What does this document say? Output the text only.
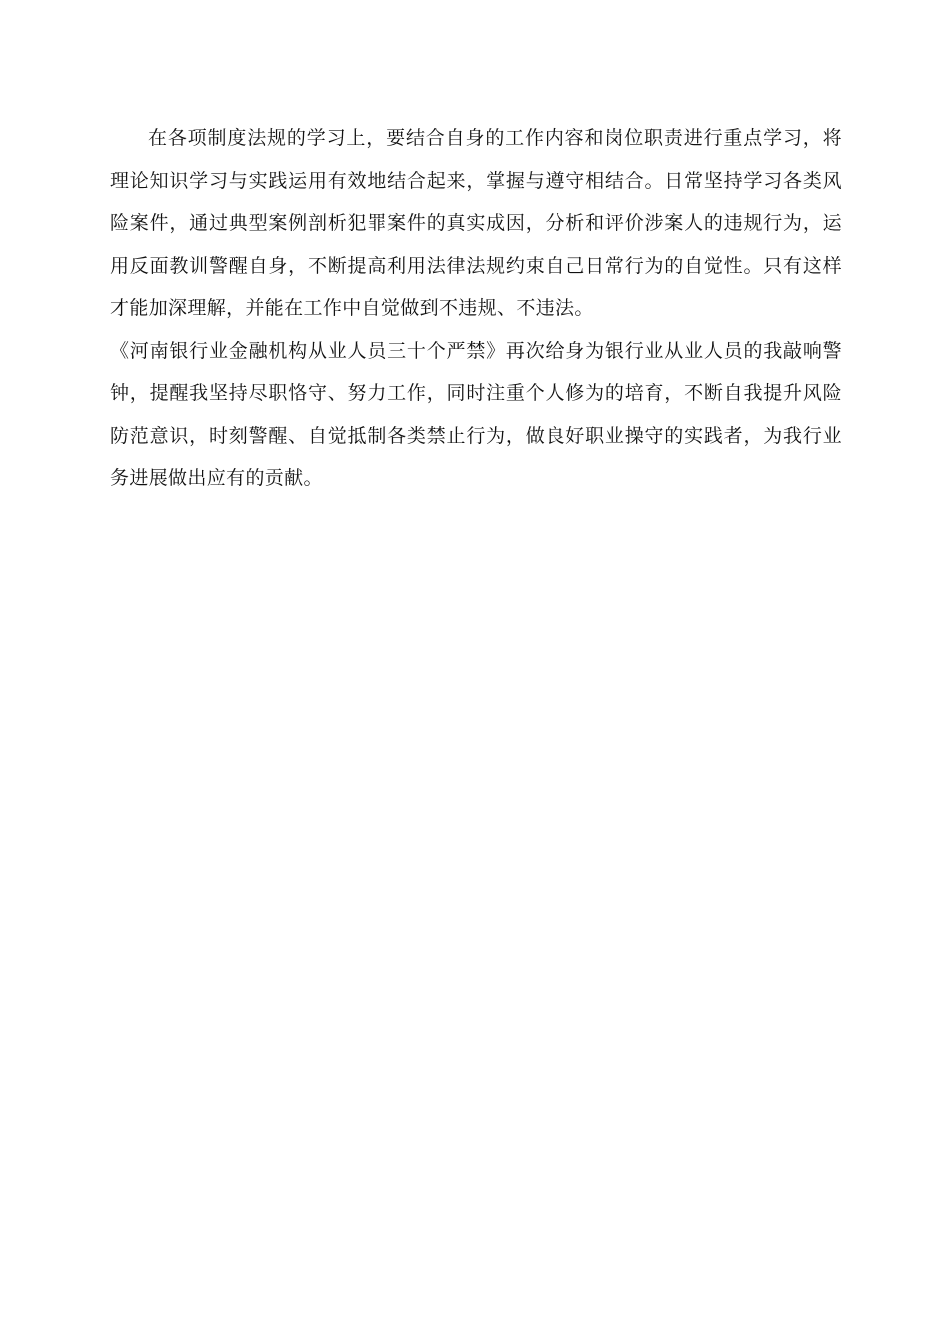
在各项制度法规的学习上，要结合自身的工作内容和岗位职责进行重点学习，将理论知识学习与实践运用有效地结合起来，掌握与遵守相结合。日常坚持学习各类风险案件，通过典型案例剖析犯罪案件的真实成因，分析和评价涉案人的违规行为，运用反面教训警醒自身，不断提高利用法律法规约束自己日常行为的自觉性。只有这样才能加深理解，并能在工作中自觉做到不违规、不违法。

《河南银行业金融机构从业人员三十个严禁》再次给身为银行业从业人员的我敲响警钟，提醒我坚持尽职恪守、努力工作，同时注重个人修为的培育，不断自我提升风险防范意识，时刻警醒、自觉抵制各类禁止行为，做良好职业操守的实践者，为我行业务进展做出应有的贡献。
